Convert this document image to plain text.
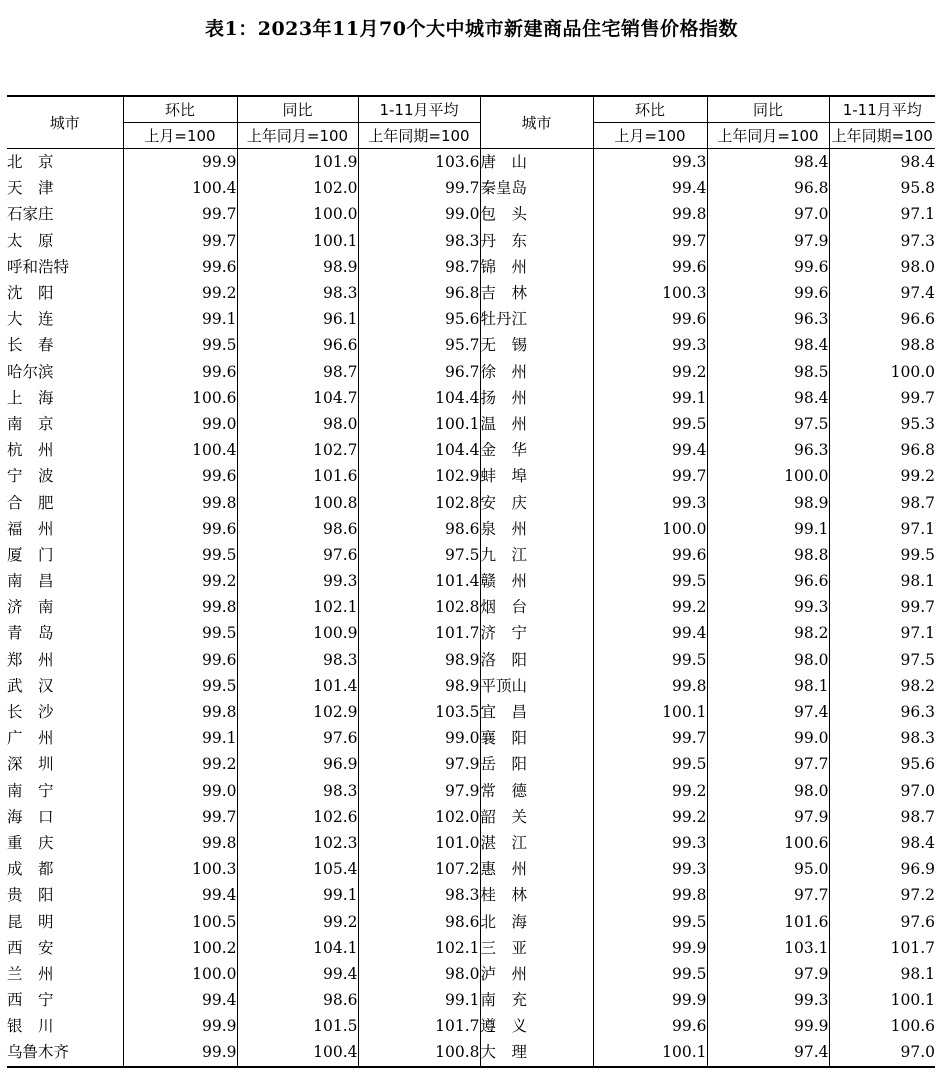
表1：2023年11月70个大中城市新建商品住宅销售价格指数
城市	环比	同比	1-11月平均	城市	环比	同比	1-11月平均
	上月=100	上年同月=100	上年同期=100		上月=100	上年同月=100	上年同期=100
北　京	99.9	101.9	103.6	唐　山	99.3	98.4	98.4
天　津	100.4	102.0	99.7	秦皇岛	99.4	96.8	95.8
石家庄	99.7	100.0	99.0	包　头	99.8	97.0	97.1
太　原	99.7	100.1	98.3	丹　东	99.7	97.9	97.3
呼和浩特	99.6	98.9	98.7	锦　州	99.6	99.6	98.0
沈　阳	99.2	98.3	96.8	吉　林	100.3	99.6	97.4
大　连	99.1	96.1	95.6	牡丹江	99.6	96.3	96.6
长　春	99.5	96.6	95.7	无　锡	99.3	98.4	98.8
哈尔滨	99.6	98.7	96.7	徐　州	99.2	98.5	100.0
上　海	100.6	104.7	104.4	扬　州	99.1	98.4	99.7
南　京	99.0	98.0	100.1	温　州	99.5	97.5	95.3
杭　州	100.4	102.7	104.4	金　华	99.4	96.3	96.8
宁　波	99.6	101.6	102.9	蚌　埠	99.7	100.0	99.2
合　肥	99.8	100.8	102.8	安　庆	99.3	98.9	98.7
福　州	99.6	98.6	98.6	泉　州	100.0	99.1	97.1
厦　门	99.5	97.6	97.5	九　江	99.6	98.8	99.5
南　昌	99.2	99.3	101.4	赣　州	99.5	96.6	98.1
济　南	99.8	102.1	102.8	烟　台	99.2	99.3	99.7
青　岛	99.5	100.9	101.7	济　宁	99.4	98.2	97.1
郑　州	99.6	98.3	98.9	洛　阳	99.5	98.0	97.5
武　汉	99.5	101.4	98.9	平顶山	99.8	98.1	98.2
长　沙	99.8	102.9	103.5	宜　昌	100.1	97.4	96.3
广　州	99.1	97.6	99.0	襄　阳	99.7	99.0	98.3
深　圳	99.2	96.9	97.9	岳　阳	99.5	97.7	95.6
南　宁	99.0	98.3	97.9	常　德	99.2	98.0	97.0
海　口	99.7	102.6	102.0	韶　关	99.2	97.9	98.7
重　庆	99.8	102.3	101.0	湛　江	99.3	100.6	98.4
成　都	100.3	105.4	107.2	惠　州	99.3	95.0	96.9
贵　阳	99.4	99.1	98.3	桂　林	99.8	97.7	97.2
昆　明	100.5	99.2	98.6	北　海	99.5	101.6	97.6
西　安	100.2	104.1	102.1	三　亚	99.9	103.1	101.7
兰　州	100.0	99.4	98.0	泸　州	99.5	97.9	98.1
西　宁	99.4	98.6	99.1	南　充	99.9	99.3	100.1
银　川	99.9	101.5	101.7	遵　义	99.6	99.9	100.6
乌鲁木齐	99.9	100.4	100.8	大　理	100.1	97.4	97.0
